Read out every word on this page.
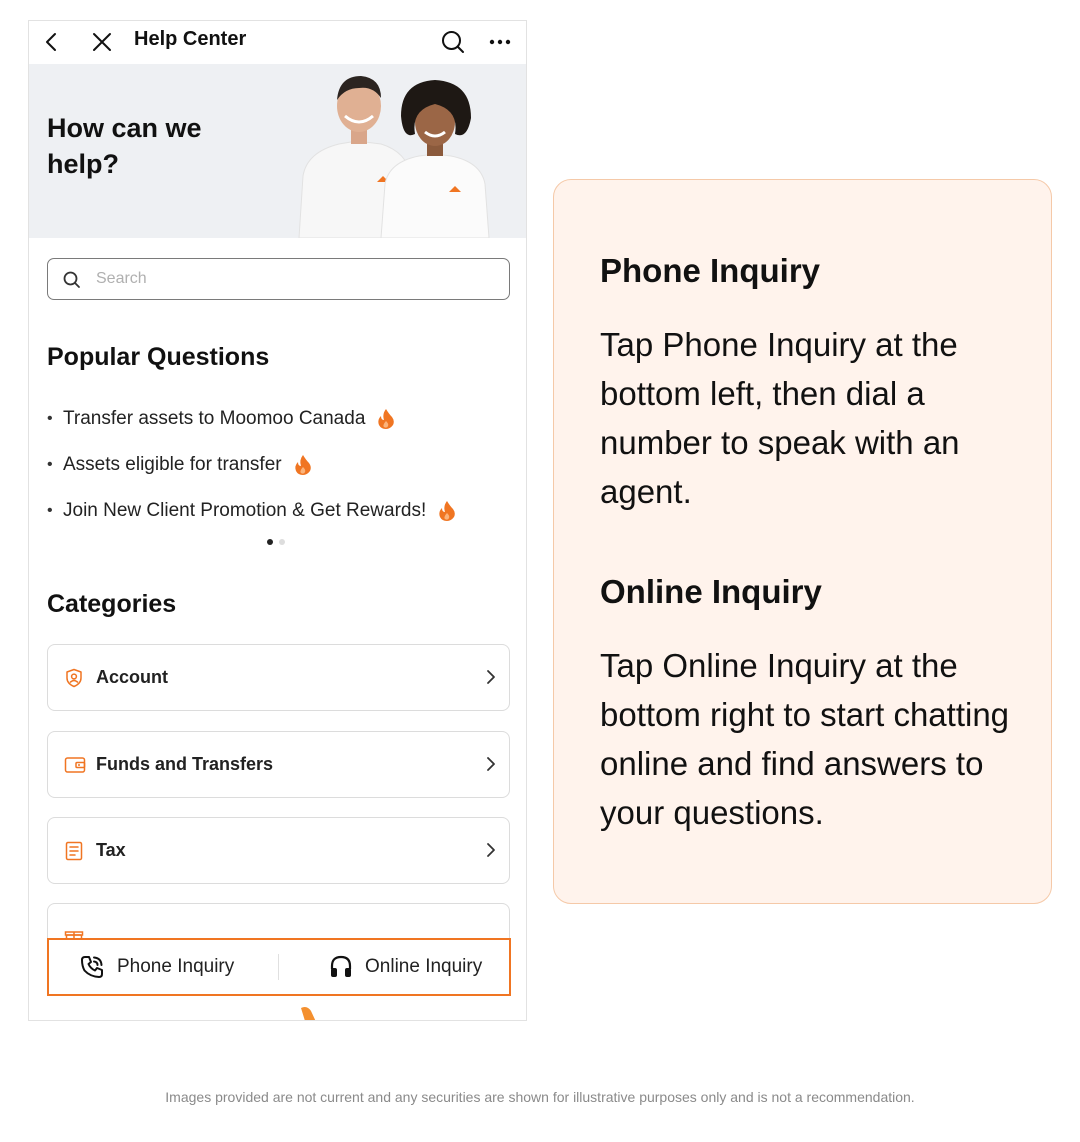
Help Center
How can we help?
Search
Popular Questions
• Transfer assets to Moomoo Canada
• Assets eligible for transfer
• Join New Client Promotion & Get Rewards!
Categories
Account
Funds and Transfers
Tax
Phone Inquiry	Online Inquiry
Phone Inquiry
Tap Phone Inquiry at the bottom left, then dial a number to speak with an agent.
Online Inquiry
Tap Online Inquiry at the bottom right to start chatting online and find answers to your questions.
Images provided are not current and any securities are shown for illustrative purposes only and is not a recommendation.
